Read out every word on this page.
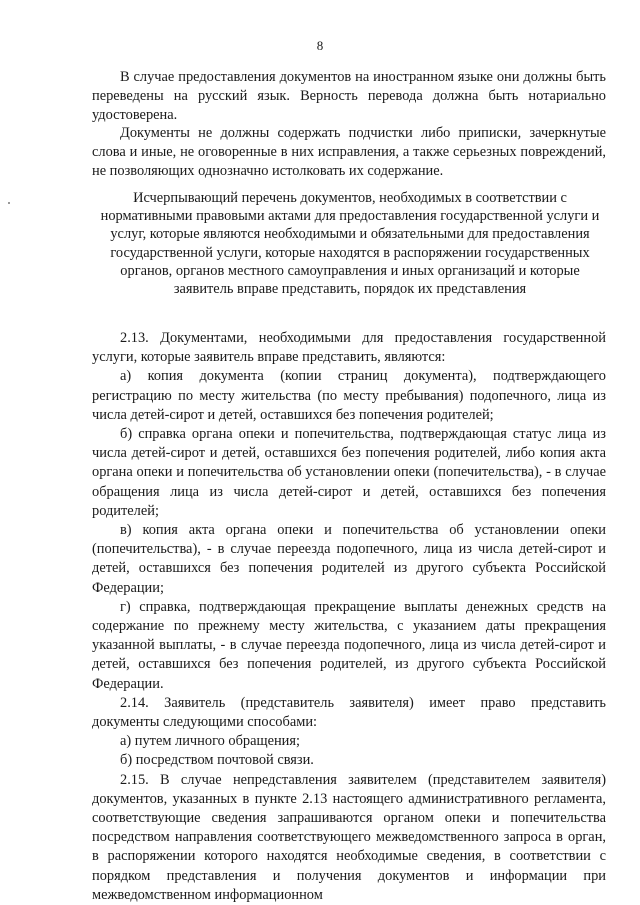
8

В случае предоставления документов на иностранном языке они должны быть переведены на русский язык. Верность перевода должна быть нотариально удостоверена.

Документы не должны содержать подчистки либо приписки, зачеркнутые слова и иные, не оговоренные в них исправления, а также серьезных повреждений, не позволяющих однозначно истолковать их содержание.

Исчерпывающий перечень документов, необходимых в соответствии с нормативными правовыми актами для предоставления государственной услуги и услуг, которые являются необходимыми и обязательными для предоставления государственной услуги, которые находятся в распоряжении государственных органов, органов местного самоуправления и иных организаций и которые заявитель вправе представить, порядок их представления

2.13. Документами, необходимыми для предоставления государственной услуги, которые заявитель вправе представить, являются:

а) копия документа (копии страниц документа), подтверждающего регистрацию по месту жительства (по месту пребывания) подопечного, лица из числа детей-сирот и детей, оставшихся без попечения родителей;

б) справка органа опеки и попечительства, подтверждающая статус лица из числа детей-сирот и детей, оставшихся без попечения родителей, либо копия акта органа опеки и попечительства об установлении опеки (попечительства), - в случае обращения лица из числа детей-сирот и детей, оставшихся без попечения родителей;

в) копия акта органа опеки и попечительства об установлении опеки (попечительства), - в случае переезда подопечного, лица из числа детей-сирот и детей, оставшихся без попечения родителей из другого субъекта Российской Федерации;

г) справка, подтверждающая прекращение выплаты денежных средств на содержание по прежнему месту жительства, с указанием даты прекращения указанной выплаты, - в случае переезда подопечного, лица из числа детей-сирот и детей, оставшихся без попечения родителей, из другого субъекта Российской Федерации.

2.14. Заявитель (представитель заявителя) имеет право представить документы следующими способами:

а) путем личного обращения;

б) посредством почтовой связи.

2.15. В случае непредставления заявителем (представителем заявителя) документов, указанных в пункте 2.13 настоящего административного регламента, соответствующие сведения запрашиваются органом опеки и попечительства посредством направления соответствующего межведомственного запроса в орган, в распоряжении которого находятся необходимые сведения, в соответствии с порядком представления и получения документов и информации при межведомственном информационном
